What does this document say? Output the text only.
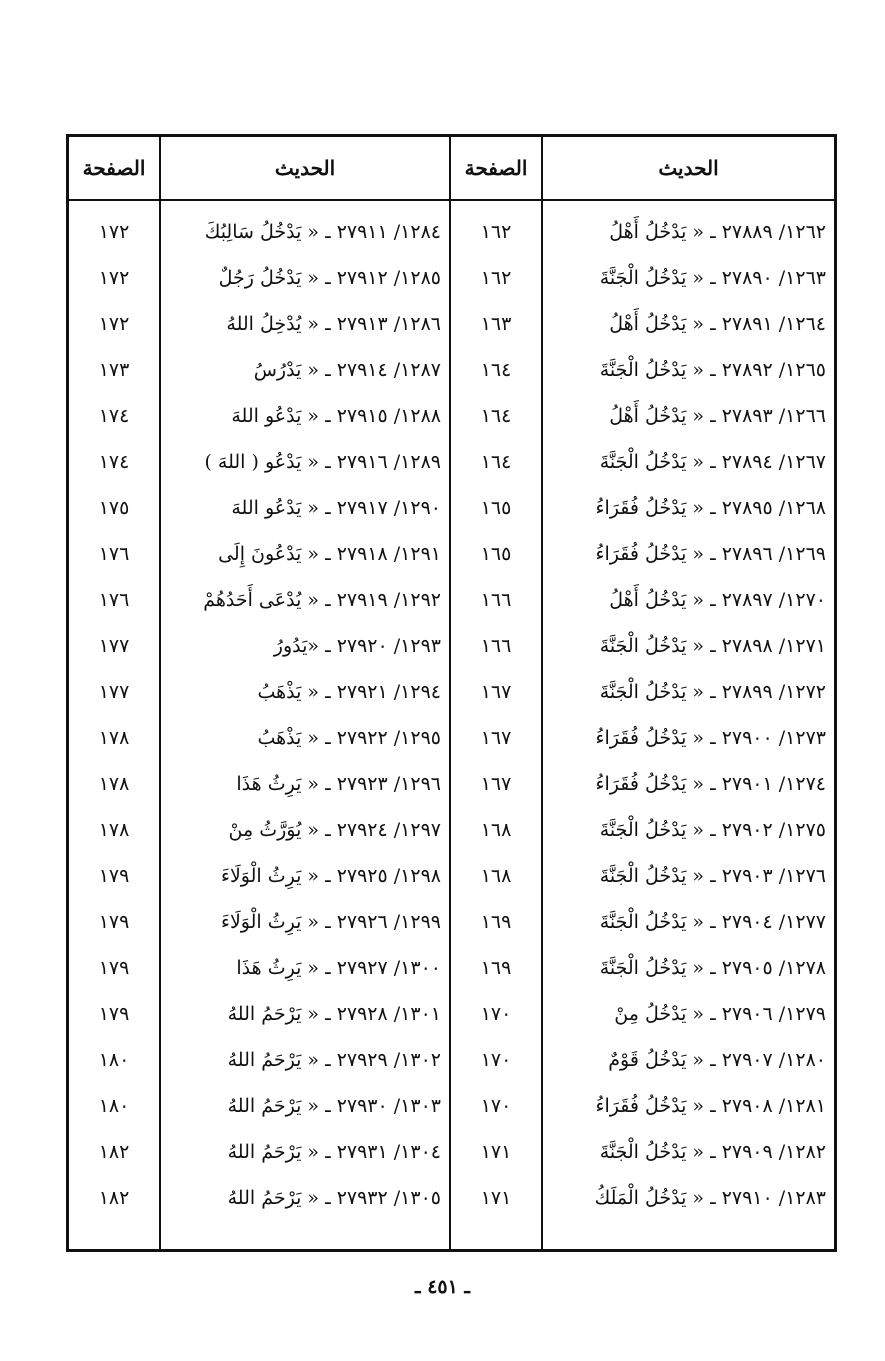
الحديث
الصفحة
الحديث
الصفحة
١٢٦٢/ ٢٧٨٨٩ ـ « يَدْخُلُ أَهْلُ
١٢٦٣/ ٢٧٨٩٠ ـ « يَدْخُلُ الْجَنَّةَ
١٢٦٤/ ٢٧٨٩١ ـ « يَدْخُلُ أَهْلُ
١٢٦٥/ ٢٧٨٩٢ ـ « يَدْخُلُ الْجَنَّةَ
١٢٦٦/ ٢٧٨٩٣ ـ « يَدْخُلُ أَهْلُ
١٢٦٧/ ٢٧٨٩٤ ـ « يَدْخُلُ الْجَنَّةَ
١٢٦٨/ ٢٧٨٩٥ ـ « يَدْخُلُ فُقَرَاءُ
١٢٦٩/ ٢٧٨٩٦ ـ « يَدْخُلُ فُقَرَاءُ
١٢٧٠/ ٢٧٨٩٧ ـ « يَدْخُلُ أَهْلُ
١٢٧١/ ٢٧٨٩٨ ـ « يَدْخُلُ الْجَنَّةَ
١٢٧٢/ ٢٧٨٩٩ ـ « يَدْخُلُ الْجَنَّةَ
١٢٧٣/ ٢٧٩٠٠ ـ « يَدْخُلُ فُقَرَاءُ
١٢٧٤/ ٢٧٩٠١ ـ « يَدْخُلُ فُقَرَاءُ
١٢٧٥/ ٢٧٩٠٢ ـ « يَدْخُلُ الْجَنَّةَ
١٢٧٦/ ٢٧٩٠٣ ـ « يَدْخُلُ الْجَنَّةَ
١٢٧٧/ ٢٧٩٠٤ ـ « يَدْخُلُ الْجَنَّةَ
١٢٧٨/ ٢٧٩٠٥ ـ « يَدْخُلُ الْجَنَّةَ
١٢٧٩/ ٢٧٩٠٦ ـ « يَدْخُلُ مِنْ
١٢٨٠/ ٢٧٩٠٧ ـ « يَدْخُلُ قَوْمٌ
١٢٨١/ ٢٧٩٠٨ ـ « يَدْخُلُ فُقَرَاءُ
١٢٨٢/ ٢٧٩٠٩ ـ « يَدْخُلُ الْجَنَّةَ
١٢٨٣/ ٢٧٩١٠ ـ « يَدْخُلُ الْمَلَكُ
١٦٢
١٦٢
١٦٣
١٦٤
١٦٤
١٦٤
١٦٥
١٦٥
١٦٦
١٦٦
١٦٧
١٦٧
١٦٧
١٦٨
١٦٨
١٦٩
١٦٩
١٧٠
١٧٠
١٧٠
١٧١
١٧١
١٢٨٤/ ٢٧٩١١ ـ « يَدْخُلُ سَالِبُكَ
١٢٨٥/ ٢٧٩١٢ ـ « يَدْخُلُ رَجُلٌ
١٢٨٦/ ٢٧٩١٣ ـ « يُدْخِلُ اللهُ
١٢٨٧/ ٢٧٩١٤ ـ « يَدْرُسُ
١٢٨٨/ ٢٧٩١٥ ـ « يَدْعُو اللهَ
١٢٨٩/ ٢٧٩١٦ ـ « يَدْعُو ( اللهَ )
١٢٩٠/ ٢٧٩١٧ ـ « يَدْعُو اللهَ
١٢٩١/ ٢٧٩١٨ ـ « يَدْعُونَ إِلَى
١٢٩٢/ ٢٧٩١٩ ـ « يُدْعَى أَحَدُهُمْ
١٢٩٣/ ٢٧٩٢٠ ـ «يَدُورُ
١٢٩٤/ ٢٧٩٢١ ـ « يَذْهَبُ
١٢٩٥/ ٢٧٩٢٢ ـ « يَذْهَبُ
١٢٩٦/ ٢٧٩٢٣ ـ « يَرِثُ هَذَا
١٢٩٧/ ٢٧٩٢٤ ـ « يُوَرَّثُ مِنْ
١٢٩٨/ ٢٧٩٢٥ ـ « يَرِثُ الْوَلَاءَ
١٢٩٩/ ٢٧٩٢٦ ـ « يَرِثُ الْوَلَاءَ
١٣٠٠/ ٢٧٩٢٧ ـ « يَرِثُ هَذَا
١٣٠١/ ٢٧٩٢٨ ـ « يَرْحَمُ اللهُ
١٣٠٢/ ٢٧٩٢٩ ـ « يَرْحَمُ اللهُ
١٣٠٣/ ٢٧٩٣٠ ـ « يَرْحَمُ اللهُ
١٣٠٤/ ٢٧٩٣١ ـ « يَرْحَمُ اللهُ
١٣٠٥/ ٢٧٩٣٢ ـ « يَرْحَمُ اللهُ
١٧٢
١٧٢
١٧٢
١٧٣
١٧٤
١٧٤
١٧٥
١٧٦
١٧٦
١٧٧
١٧٧
١٧٨
١٧٨
١٧٨
١٧٩
١٧٩
١٧٩
١٧٩
١٨٠
١٨٠
١٨٢
١٨٢
ـ ٤٥١ ـ
